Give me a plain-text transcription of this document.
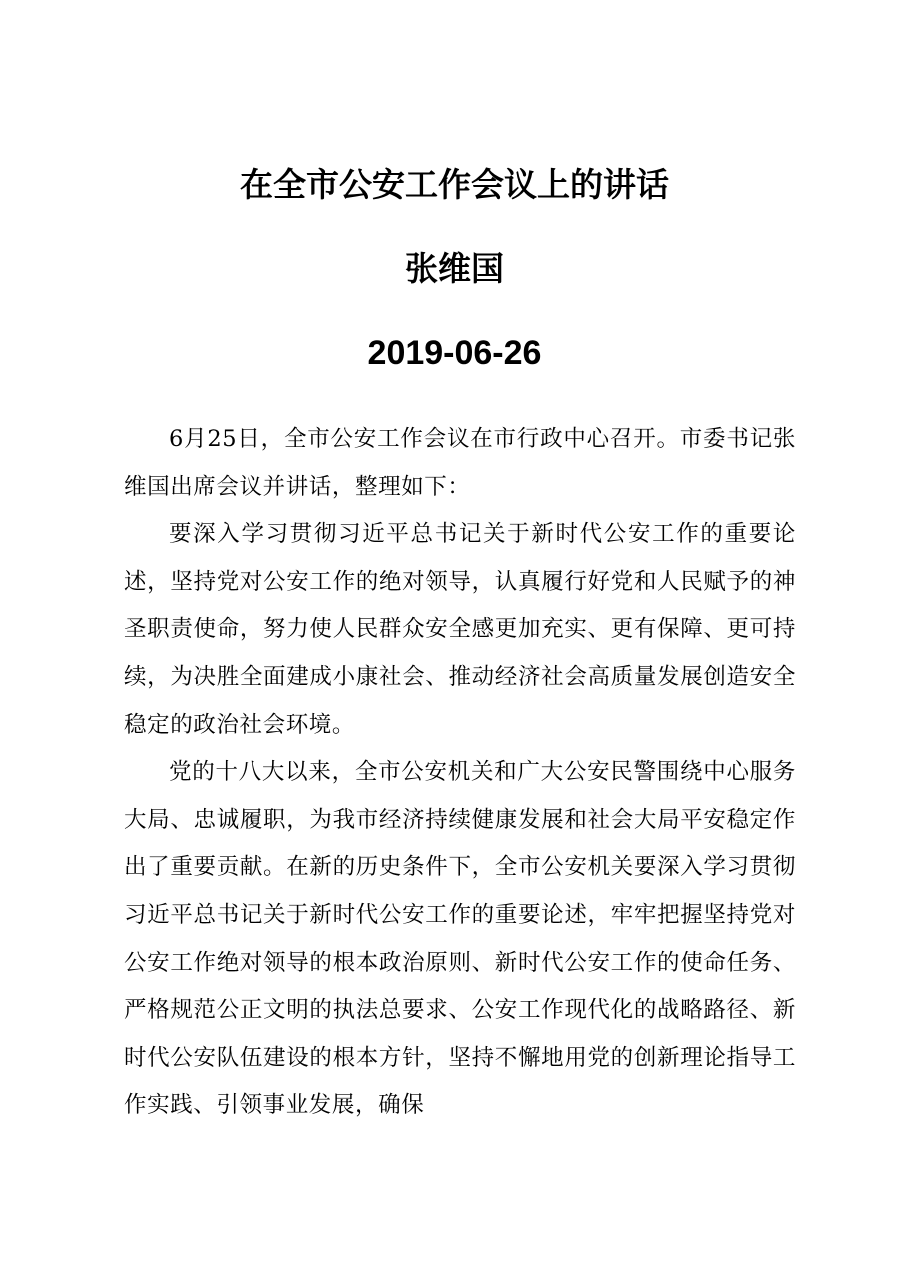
在全市公安工作会议上的讲话
张维国
2019-06-26

6月25日，全市公安工作会议在市行政中心召开。市委书记张维国出席会议并讲话，整理如下：

要深入学习贯彻习近平总书记关于新时代公安工作的重要论述，坚持党对公安工作的绝对领导，认真履行好党和人民赋予的神圣职责使命，努力使人民群众安全感更加充实、更有保障、更可持续，为决胜全面建成小康社会、推动经济社会高质量发展创造安全稳定的政治社会环境。

党的十八大以来，全市公安机关和广大公安民警围绕中心服务大局、忠诚履职，为我市经济持续健康发展和社会大局平安稳定作出了重要贡献。在新的历史条件下，全市公安机关要深入学习贯彻习近平总书记关于新时代公安工作的重要论述，牢牢把握坚持党对公安工作绝对领导的根本政治原则、新时代公安工作的使命任务、严格规范公正文明的执法总要求、公安工作现代化的战略路径、新时代公安队伍建设的根本方针，坚持不懈地用党的创新理论指导工作实践、引领事业发展，确保
